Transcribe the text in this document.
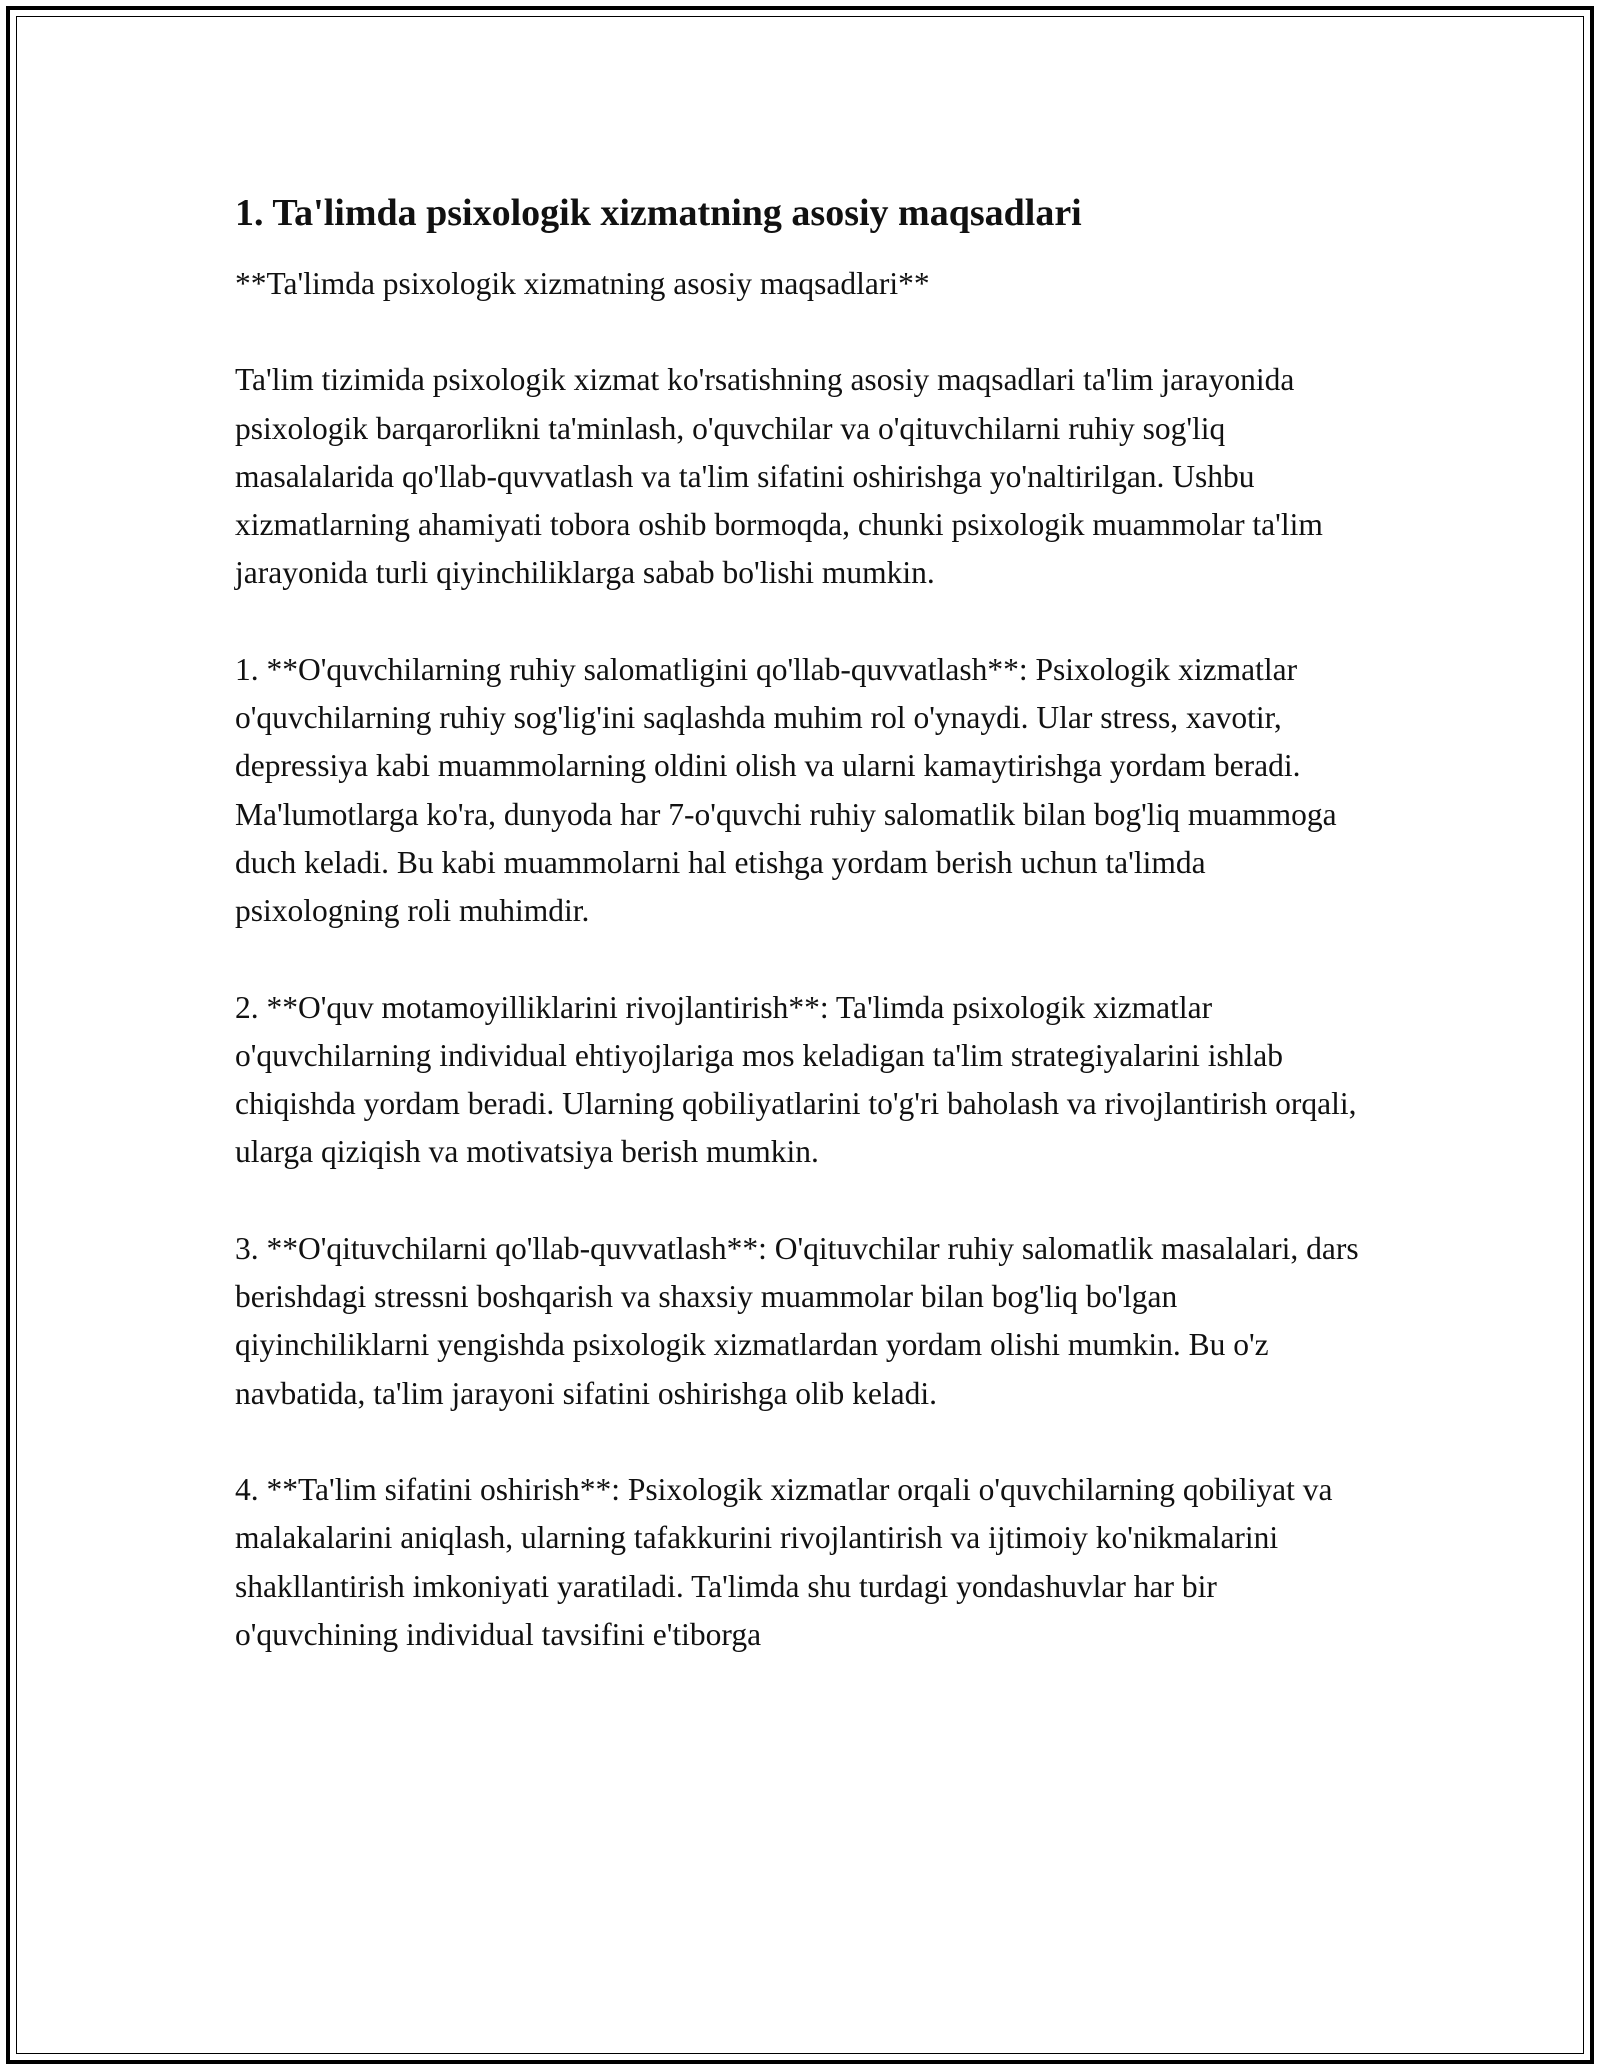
1. Ta'limda psixologik xizmatning asosiy maqsadlari

**Ta'limda psixologik xizmatning asosiy maqsadlari**

Ta'lim tizimida psixologik xizmat ko'rsatishning asosiy maqsadlari ta'lim jarayonida psixologik barqarorlikni ta'minlash, o'quvchilar va o'qituvchilarni ruhiy sog'liq masalalarida qo'llab-quvvatlash va ta'lim sifatini oshirishga yo'naltirilgan. Ushbu xizmatlarning ahamiyati tobora oshib bormoqda, chunki psixologik muammolar ta'lim jarayonida turli qiyinchiliklarga sabab bo'lishi mumkin.

1. **O'quvchilarning ruhiy salomatligini qo'llab-quvvatlash**: Psixologik xizmatlar o'quvchilarning ruhiy sog'lig'ini saqlashda muhim rol o'ynaydi. Ular stress, xavotir, depressiya kabi muammolarning oldini olish va ularni kamaytirishga yordam beradi. Ma'lumotlarga ko'ra, dunyoda har 7-o'quvchi ruhiy salomatlik bilan bog'liq muammoga duch keladi. Bu kabi muammolarni hal etishga yordam berish uchun ta'limda psixologning roli muhimdir.

2. **O'quv motamoyilliklarini rivojlantirish**: Ta'limda psixologik xizmatlar o'quvchilarning individual ehtiyojlariga mos keladigan ta'lim strategiyalarini ishlab chiqishda yordam beradi. Ularning qobiliyatlarini to'g'ri baholash va rivojlantirish orqali, ularga qiziqish va motivatsiya berish mumkin.

3. **O'qituvchilarni qo'llab-quvvatlash**: O'qituvchilar ruhiy salomatlik masalalari, dars berishdagi stressni boshqarish va shaxsiy muammolar bilan bog'liq bo'lgan qiyinchiliklarni yengishda psixologik xizmatlardan yordam olishi mumkin. Bu o'z navbatida, ta'lim jarayoni sifatini oshirishga olib keladi.

4. **Ta'lim sifatini oshirish**: Psixologik xizmatlar orqali o'quvchilarning qobiliyat va malakalarini aniqlash, ularning tafakkurini rivojlantirish va ijtimoiy ko'nikmalarini shakllantirish imkoniyati yaratiladi. Ta'limda shu turdagi yondashuvlar har bir o'quvchining individual tavsifini e'tiborga
